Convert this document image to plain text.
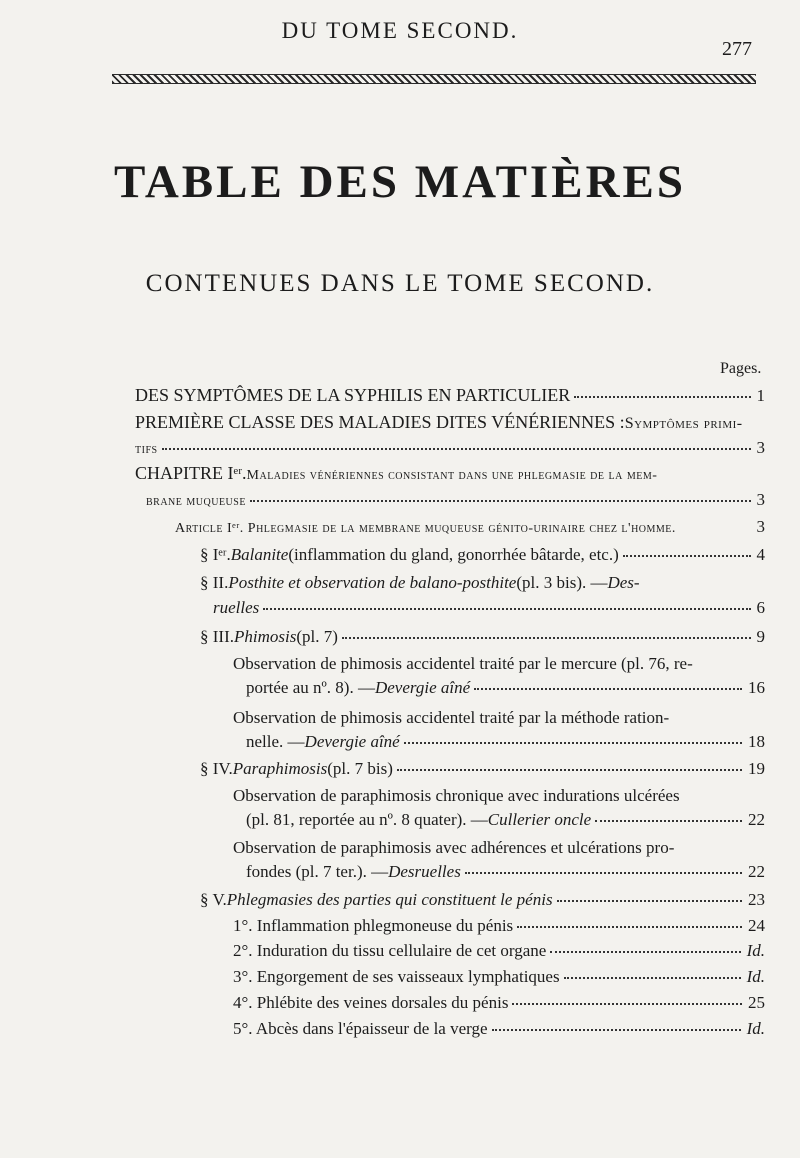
DU TOME SECOND.
277
TABLE DES MATIÈRES
CONTENUES DANS LE TOME SECOND.
Pages.
DES SYMPTÔMES DE LA SYPHILIS EN PARTICULIER	1
PREMIÈRE CLASSE DES MALADIES DITES VÉNÉRIENNES : Symptômes primi-
tifs	3
CHAPITRE Iᵉʳ. Maladies vénériennes consistant dans une phlegmasie de la mem-
brane muqueuse	3
Article Iᵉʳ. Phlegmasie de la membrane muqueuse génito-urinaire chez l'homme.	3
§ Iᵉʳ. Balanite (inflammation du gland, gonorrhée bâtarde, etc.)	4
§ II. Posthite et observation de balano-posthite (pl. 3 bis). — Des-
ruelles	6
§ III. Phimosis (pl. 7)	9
Observation de phimosis accidentel traité par le mercure (pl. 76, re-
portée au nº. 8). — Devergie aîné	16
Observation de phimosis accidentel traité par la méthode ration-
nelle. — Devergie aîné	18
§ IV. Paraphimosis (pl. 7 bis)	19
Observation de paraphimosis chronique avec indurations ulcérées
(pl. 81, reportée au nº. 8 quater). — Cullerier oncle	22
Observation de paraphimosis avec adhérences et ulcérations pro-
fondes (pl. 7 ter.). — Desruelles	22
§ V. Phlegmasies des parties qui constituent le pénis	23
1°. Inflammation phlegmoneuse du pénis	24
2°. Induration du tissu cellulaire de cet organe	Id.
3°. Engorgement de ses vaisseaux lymphatiques	Id.
4°. Phlébite des veines dorsales du pénis	25
5°. Abcès dans l'épaisseur de la verge	Id.
